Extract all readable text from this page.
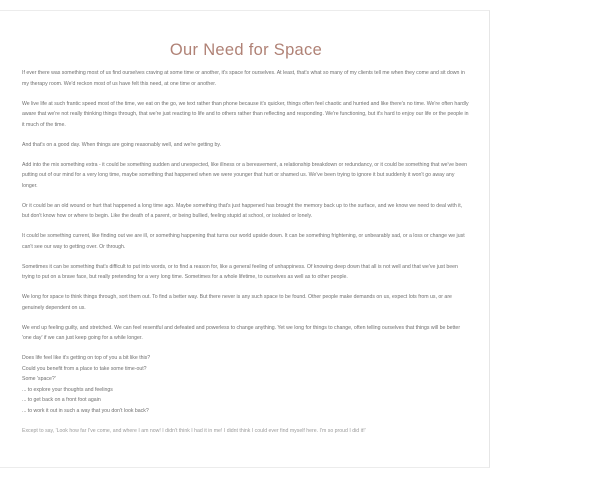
Our Need for Space

If ever there was something most of us find ourselves craving at some time or another, it's space for ourselves. At least, that's what so many of my clients tell me when they come and sit down in my therapy room. We'd reckon most of us have felt this need, at one time or another.

We live life at such frantic speed most of the time, we eat on the go, we text rather than phone because it's quicker, things often feel chaotic and hurried and like there's no time. We're often hardly aware that we're not really thinking things through, that we're just reacting to life and to others rather than reflecting and responding. We're functioning, but it's hard to enjoy our life or the people in it much of the time.

And that's on a good day. When things are going reasonably well, and we're getting by.

Add into the mix something extra - it could be something sudden and unexpected, like illness or a bereavement, a relationship breakdown or redundancy, or it could be something that we've been putting out of our mind for a very long time, maybe something that happened when we were younger that hurt or shamed us. We've been trying to ignore it but suddenly it won't go away any longer.

Or it could be an old wound or hurt that happened a long time ago. Maybe something that's just happened has brought the memory back up to the surface, and we know we need to deal with it, but don't know how or where to begin. Like the death of a parent, or being bullied, feeling stupid at school, or isolated or lonely.

It could be something current, like finding out we are ill, or something happening that turns our world upside down. It can be something frightening, or unbearably sad, or a loss or change we just can't see our way to getting over. Or through.

Sometimes it can be something that's difficult to put into words, or to find a reason for, like a general feeling of unhappiness. Of knowing deep down that all is not well and that we've just been trying to put on a brave face, but really pretending for a very long time. Sometimes for a whole lifetime, to ourselves as well as to other people.

We long for space to think things through, sort them out. To find a better way. But there never is any such space to be found. Other people make demands on us, expect lots from us, or are genuinely dependent on us.

We end up feeling guilty, and stretched. We can feel resentful and defeated and powerless to change anything. Yet we long for things to change, often telling ourselves that things will be better 'one day' if we can just keep going for a while longer.

Does life feel like it's getting on top of you a bit like this?
Could you benefit from a place to take some time-out?
Some 'space?'
... to explore your thoughts and feelings
... to get back on a front foot again
... to work it out in such a way that you don't look back?

Except to say, 'Look how far I've come, and where I am now! I didn't think I had it in me! I didnt think I could ever find myself here. I'm so proud I did it!'
